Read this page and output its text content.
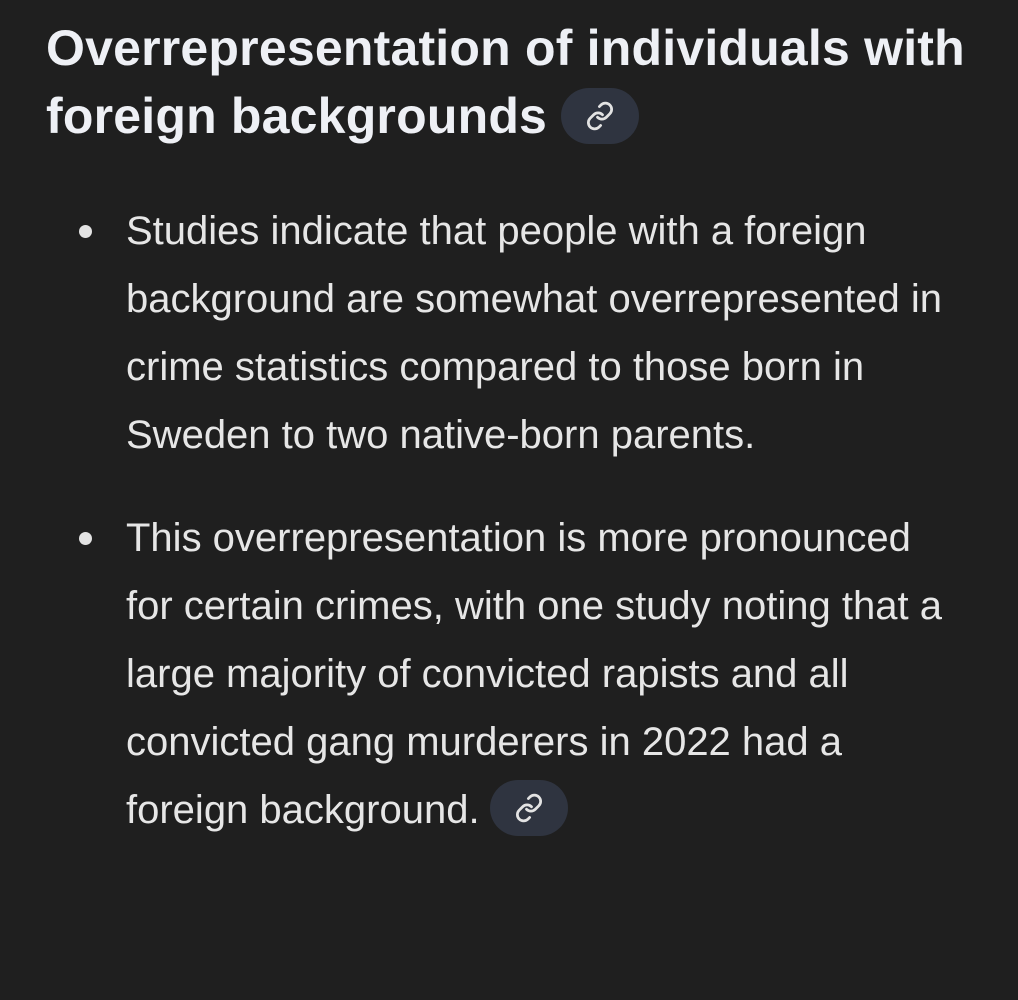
Overrepresentation of individuals with foreign backgrounds
Studies indicate that people with a foreign background are somewhat overrepresented in crime statistics compared to those born in Sweden to two native-born parents.
This overrepresentation is more pronounced for certain crimes, with one study noting that a large majority of convicted rapists and all convicted gang murderers in 2022 had a foreign background.
